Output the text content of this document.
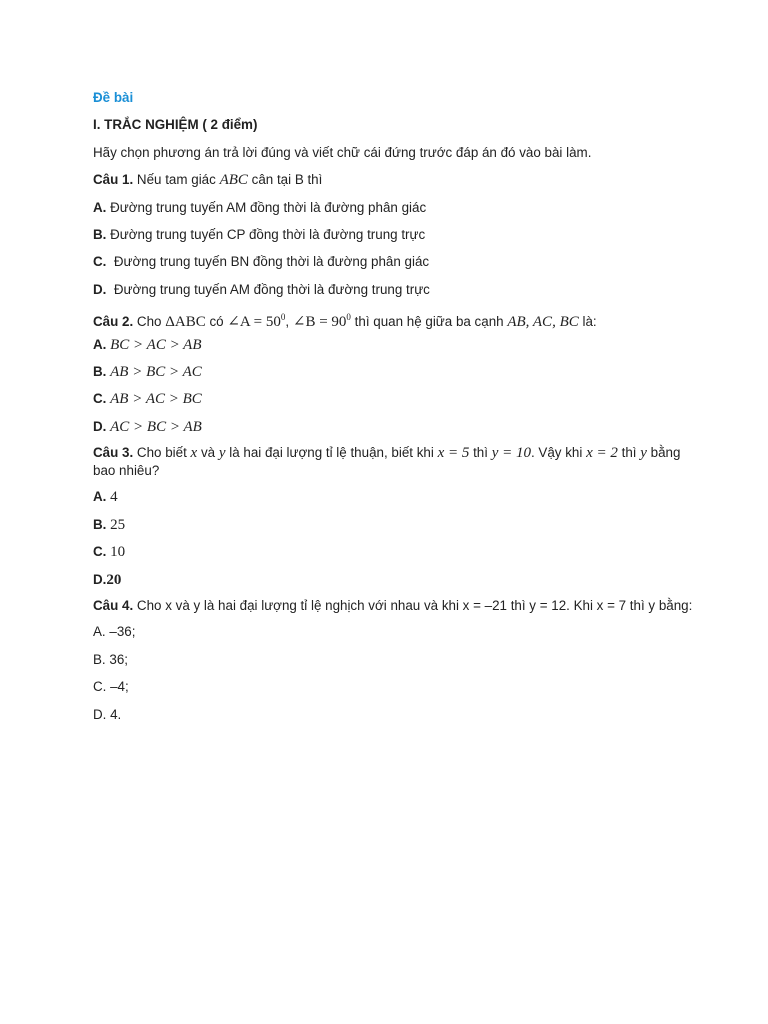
Đề bài

I. TRẮC NGHIỆM ( 2 điểm)

Hãy chọn phương án trả lời đúng và viết chữ cái đứng trước đáp án đó vào bài làm.

Câu 1. Nếu tam giác ABC cân tại B thì

A. Đường trung tuyến AM đồng thời là đường phân giác

B. Đường trung tuyến CP đồng thời là đường trung trực

C. Đường trung tuyến BN đồng thời là đường phân giác

D. Đường trung tuyến AM đồng thời là đường trung trực

Câu 2. Cho ΔABC có ∠A = $50^0$, ∠B = $90^0$ thì quan hệ giữa ba cạnh AB, AC, BC là:

A. BC > AC > AB

B. AB > BC > AC

C. AB > AC > BC

D. AC > BC > AB

Câu 3. Cho biết x và y là hai đại lượng tỉ lệ thuận, biết khi x = 5 thì y = 10. Vậy khi x = 2 thì y bằng bao nhiêu?

A. 4

B. 25

C. 10

D.20

Câu 4. Cho x và y là hai đại lượng tỉ lệ nghịch với nhau và khi x = –21 thì y = 12. Khi x = 7 thì y bằng:

A. –36;

B. 36;

C. –4;

D. 4.
